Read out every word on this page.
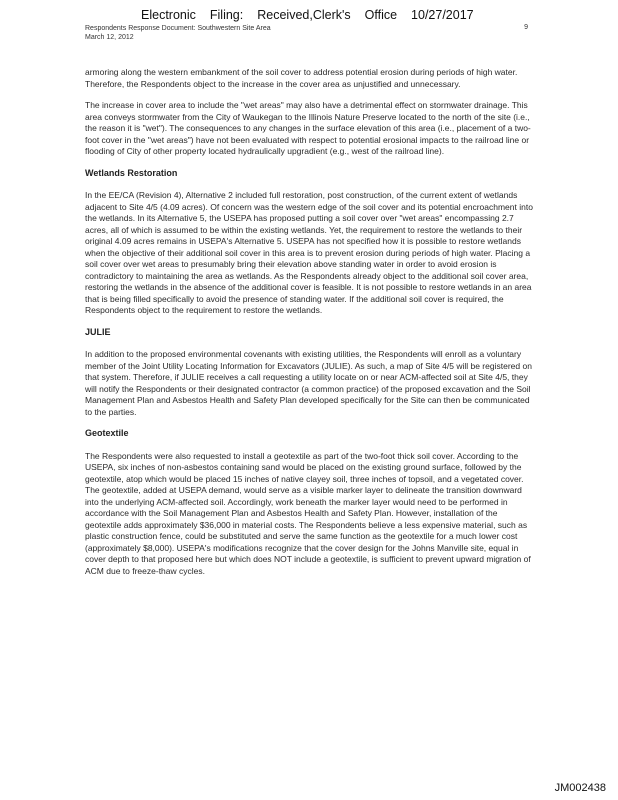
Electronic Filing: Received,Clerk's Office 10/27/2017
Respondents Response Document: Southwestern Site Area
March 12, 2012
9

armoring along the western embankment of the soil cover to address potential erosion during periods of high water. Therefore, the Respondents object to the increase in the cover area as unjustified and unnecessary.

The increase in cover area to include the "wet areas" may also have a detrimental effect on stormwater drainage. This area conveys stormwater from the City of Waukegan to the Illinois Nature Preserve located to the north of the site (i.e., the reason it is "wet"). The consequences to any changes in the surface elevation of this area (i.e., placement of a two-foot cover in the "wet areas") have not been evaluated with respect to potential erosional impacts to the railroad line or flooding of City of other property located hydraulically upgradient (e.g., west of the railroad line).

Wetlands Restoration

In the EE/CA (Revision 4), Alternative 2 included full restoration, post construction, of the current extent of wetlands adjacent to Site 4/5 (4.09 acres). Of concern was the western edge of the soil cover and its potential encroachment into the wetlands. In its Alternative 5, the USEPA has proposed putting a soil cover over "wet areas" encompassing 2.7 acres, all of which is assumed to be within the existing wetlands. Yet, the requirement to restore the wetlands to their original 4.09 acres remains in USEPA's Alternative 5. USEPA has not specified how it is possible to restore wetlands when the objective of their additional soil cover in this area is to prevent erosion during periods of high water. Placing a soil cover over wet areas to presumably bring their elevation above standing water in order to avoid erosion is contradictory to maintaining the area as wetlands. As the Respondents already object to the additional soil cover area, restoring the wetlands in the absence of the additional cover is feasible. It is not possible to restore wetlands in an area that is being filled specifically to avoid the presence of standing water. If the additional soil cover is required, the Respondents object to the requirement to restore the wetlands.

JULIE

In addition to the proposed environmental covenants with existing utilities, the Respondents will enroll as a voluntary member of the Joint Utility Locating Information for Excavators (JULIE). As such, a map of Site 4/5 will be registered on that system. Therefore, if JULIE receives a call requesting a utility locate on or near ACM-affected soil at Site 4/5, they will notify the Respondents or their designated contractor (a common practice) of the proposed excavation and the Soil Management Plan and Asbestos Health and Safety Plan developed specifically for the Site can then be communicated to the parties.

Geotextile

The Respondents were also requested to install a geotextile as part of the two-foot thick soil cover. According to the USEPA, six inches of non-asbestos containing sand would be placed on the existing ground surface, followed by the geotextile, atop which would be placed 15 inches of native clayey soil, three inches of topsoil, and a vegetated cover. The geotextile, added at USEPA demand, would serve as a visible marker layer to delineate the transition downward into the underlying ACM-affected soil. Accordingly, work beneath the marker layer would need to be performed in accordance with the Soil Management Plan and Asbestos Health and Safety Plan. However, installation of the geotextile adds approximately $36,000 in material costs. The Respondents believe a less expensive material, such as plastic construction fence, could be substituted and serve the same function as the geotextile for a much lower cost (approximately $8,000). USEPA's modifications recognize that the cover design for the Johns Manville site, equal in cover depth to that proposed here but which does NOT include a geotextile, is sufficient to prevent upward migration of ACM due to freeze-thaw cycles.

JM002438
